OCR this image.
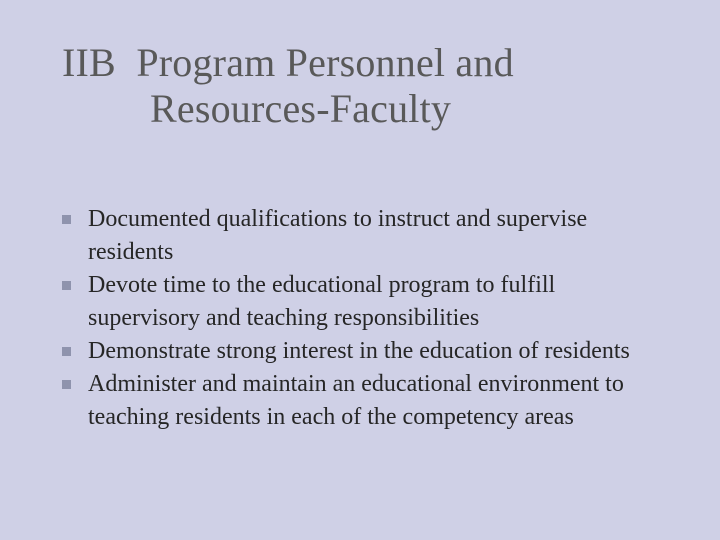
IIB  Program Personnel and
Resources-Faculty
Documented qualifications to instruct and supervise residents
Devote time to the educational program to fulfill supervisory and teaching responsibilities
Demonstrate strong interest in the education of residents
Administer and maintain an educational environment to teaching residents in each of the competency areas
